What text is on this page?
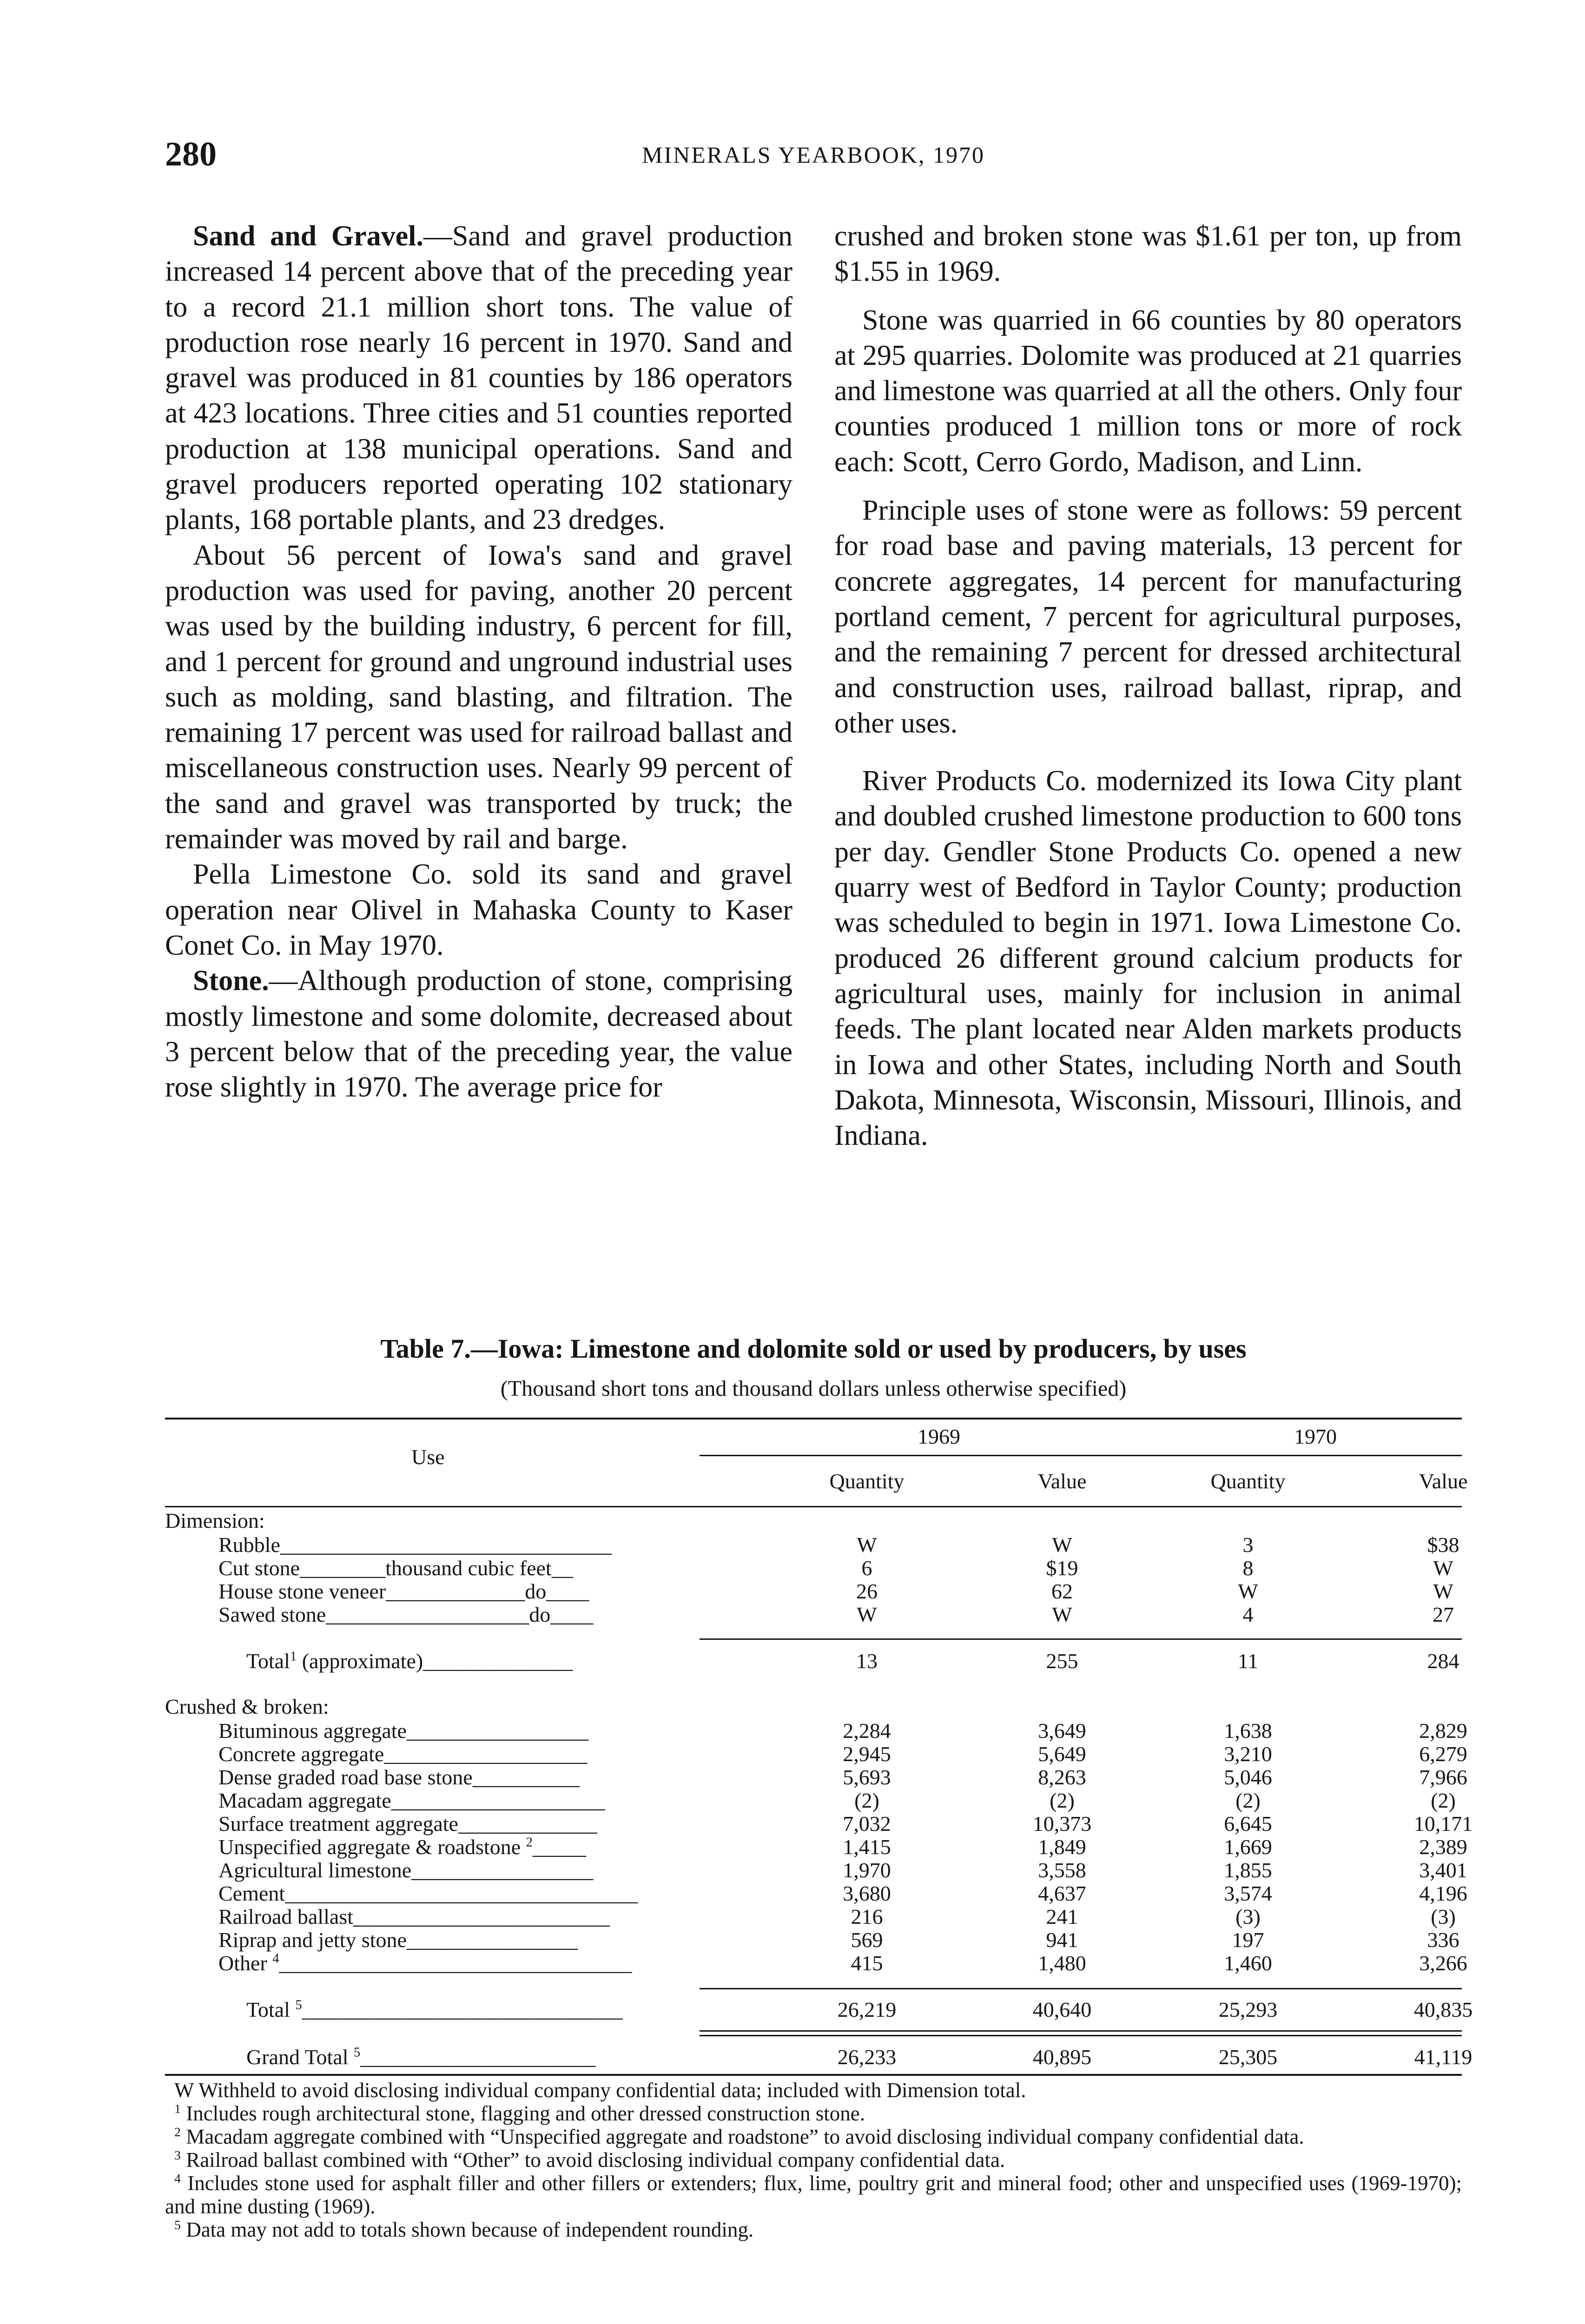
280	MINERALS YEARBOOK, 1970

Sand and Gravel.—Sand and gravel production increased 14 percent above that of the preceding year to a record 21.1 million short tons. The value of production rose nearly 16 percent in 1970. Sand and gravel was produced in 81 counties by 186 operators at 423 locations. Three cities and 51 counties reported production at 138 municipal operations. Sand and gravel producers reported operating 102 stationary plants, 168 portable plants, and 23 dredges.

About 56 percent of Iowa's sand and gravel production was used for paving, another 20 percent was used by the building industry, 6 percent for fill, and 1 percent for ground and unground industrial uses such as molding, sand blasting, and filtration. The remaining 17 percent was used for railroad ballast and miscellaneous construction uses. Nearly 99 percent of the sand and gravel was transported by truck; the remainder was moved by rail and barge.

Pella Limestone Co. sold its sand and gravel operation near Olivel in Mahaska County to Kaser Conet Co. in May 1970.

Stone.—Although production of stone, comprising mostly limestone and some dolomite, decreased about 3 percent below that of the preceding year, the value rose slightly in 1970. The average price for

crushed and broken stone was $1.61 per ton, up from $1.55 in 1969.

Stone was quarried in 66 counties by 80 operators at 295 quarries. Dolomite was produced at 21 quarries and limestone was quarried at all the others. Only four counties produced 1 million tons or more of rock each: Scott, Cerro Gordo, Madison, and Linn.

Principle uses of stone were as follows: 59 percent for road base and paving materials, 13 percent for concrete aggregates, 14 percent for manufacturing portland cement, 7 percent for agricultural purposes, and the remaining 7 percent for dressed architectural and construction uses, railroad ballast, riprap, and other uses.

River Products Co. modernized its Iowa City plant and doubled crushed limestone production to 600 tons per day. Gendler Stone Products Co. opened a new quarry west of Bedford in Taylor County; production was scheduled to begin in 1971. Iowa Limestone Co. produced 26 different ground calcium products for agricultural uses, mainly for inclusion in animal feeds. The plant located near Alden markets products in Iowa and other States, including North and South Dakota, Minnesota, Wisconsin, Missouri, Illinois, and Indiana.

Table 7.—Iowa: Limestone and dolomite sold or used by producers, by uses
(Thousand short tons and thousand dollars unless otherwise specified)
Use
1969	1970
Quantity	Value	Quantity	Value
Dimension:
Rubble_______________________________	W	W	3	$38
Cut stone________thousand cubic feet__	6	$19	8	W
House stone veneer_____________do____	26	62	W	W
Sawed stone___________________do____	W	W	4	27
Total$^1$ (approximate)______________	13	255	11	284
Crushed & broken:
Bituminous aggregate_________________	2,284	3,649	1,638	2,829
Concrete aggregate___________________	2,945	5,649	3,210	6,279
Dense graded road base stone__________	5,693	8,263	5,046	7,966
Macadam aggregate____________________	(2)	(2)	(2)	(2)
Surface treatment aggregate_____________	7,032	10,373	6,645	10,171
Unspecified aggregate & roadstone $^2$_____	1,415	1,849	1,669	2,389
Agricultural limestone_________________	1,970	3,558	1,855	3,401
Cement_________________________________	3,680	4,637	3,574	4,196
Railroad ballast________________________	216	241	(3)	(3)
Riprap and jetty stone________________	569	941	197	336
Other $^4$_________________________________	415	1,480	1,460	3,266
Total $^5$______________________________	26,219	40,640	25,293	40,835
Grand Total $^5$______________________	26,233	40,895	25,305	41,119

W Withheld to avoid disclosing individual company confidential data; included with Dimension total.

$^1$ Includes rough architectural stone, flagging and other dressed construction stone.

$^2$ Macadam aggregate combined with “Unspecified aggregate and roadstone” to avoid disclosing individual company confidential data.

$^3$ Railroad ballast combined with “Other” to avoid disclosing individual company confidential data.

$^4$ Includes stone used for asphalt filler and other fillers or extenders; flux, lime, poultry grit and mineral food; other and unspecified uses (1969-1970); and mine dusting (1969).

$^5$ Data may not add to totals shown because of independent rounding.
